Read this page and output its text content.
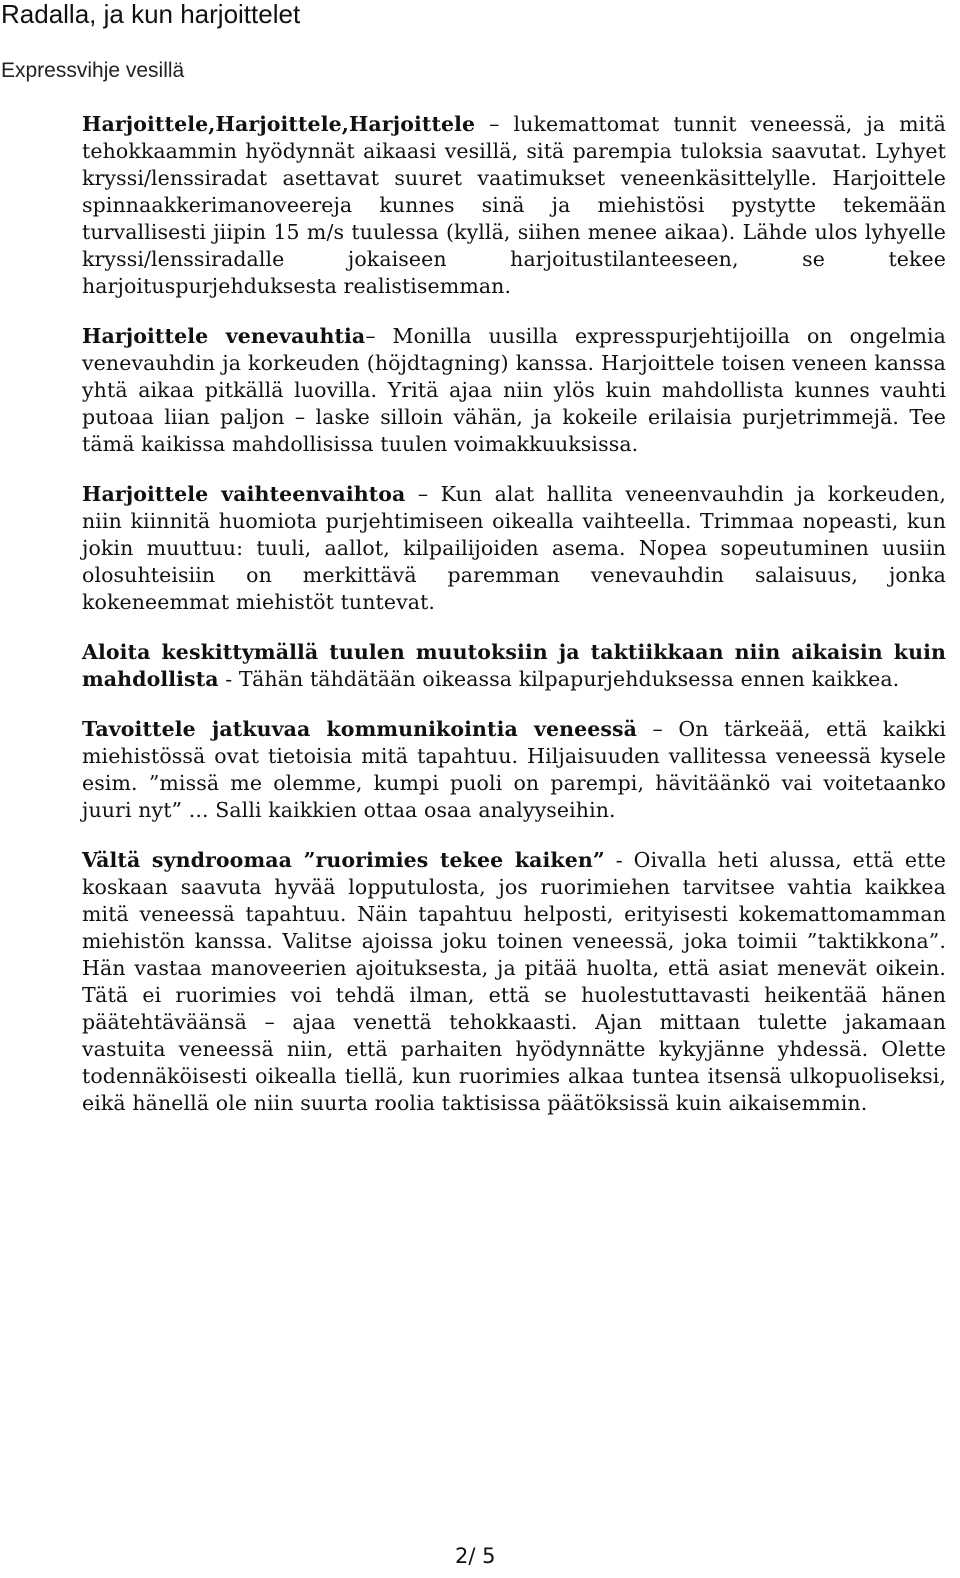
Radalla, ja kun harjoittelet
Expressvihje vesillä

Harjoittele,Harjoittele,Harjoittele – lukemattomat tunnit veneessä, ja mitä tehokkaammin hyödynnät aikaasi vesillä, sitä parempia tuloksia saavutat. Lyhyet kryssi/lenssiradat asettavat suuret vaatimukset veneenkäsittelylle. Harjoittele spinnaakkerimanoveereja kunnes sinä ja miehistösi pystytte tekemään turvallisesti jiipin 15 m/s tuulessa (kyllä, siihen menee aikaa). Lähde ulos lyhyelle kryssi/lenssiradalle jokaiseen harjoitustilanteeseen, se tekee harjoituspurjehduksesta realistisemman.

Harjoittele venevauhtia– Monilla uusilla expresspurjehtijoilla on ongelmia venevauhdin ja korkeuden (höjdtagning) kanssa. Harjoittele toisen veneen kanssa yhtä aikaa pitkällä luovilla. Yritä ajaa niin ylös kuin mahdollista kunnes vauhti putoaa liian paljon – laske silloin vähän, ja kokeile erilaisia purjetrimmejä. Tee tämä kaikissa mahdollisissa tuulen voimakkuuksissa.

Harjoittele vaihteenvaihtoa – Kun alat hallita veneenvauhdin ja korkeuden, niin kiinnitä huomiota purjehtimiseen oikealla vaihteella. Trimmaa nopeasti, kun jokin muuttuu: tuuli, aallot, kilpailijoiden asema. Nopea sopeutuminen uusiin olosuhteisiin on merkittävä paremman venevauhdin salaisuus, jonka kokeneemmat miehistöt tuntevat.

Aloita keskittymällä tuulen muutoksiin ja taktiikkaan niin aikaisin kuin mahdollista - Tähän tähdätään oikeassa kilpapurjehduksessa ennen kaikkea.

Tavoittele jatkuvaa kommunikointia veneessä – On tärkeää, että kaikki miehistössä ovat tietoisia mitä tapahtuu. Hiljaisuuden vallitessa veneessä kysele esim. ”missä me olemme, kumpi puoli on parempi, hävitäänkö vai voitetaanko juuri nyt” ... Salli kaikkien ottaa osaa analyyseihin.

Vältä syndroomaa ”ruorimies tekee kaiken” - Oivalla heti alussa, että ette koskaan saavuta hyvää lopputulosta, jos ruorimiehen tarvitsee vahtia kaikkea mitä veneessä tapahtuu. Näin tapahtuu helposti, erityisesti kokemattomamman miehistön kanssa. Valitse ajoissa joku toinen veneessä, joka toimii ”taktikkona”. Hän vastaa manoveerien ajoituksesta, ja pitää huolta, että asiat menevät oikein. Tätä ei ruorimies voi tehdä ilman, että se huolestuttavasti heikentää hänen päätehtäväänsä – ajaa venettä tehokkaasti. Ajan mittaan tulette jakamaan vastuita veneessä niin, että parhaiten hyödynnätte kykyjänne yhdessä. Olette todennäköisesti oikealla tiellä, kun ruorimies alkaa tuntea itsensä ulkopuoliseksi, eikä hänellä ole niin suurta roolia taktisissa päätöksissä kuin aikaisemmin.

2/ 5
